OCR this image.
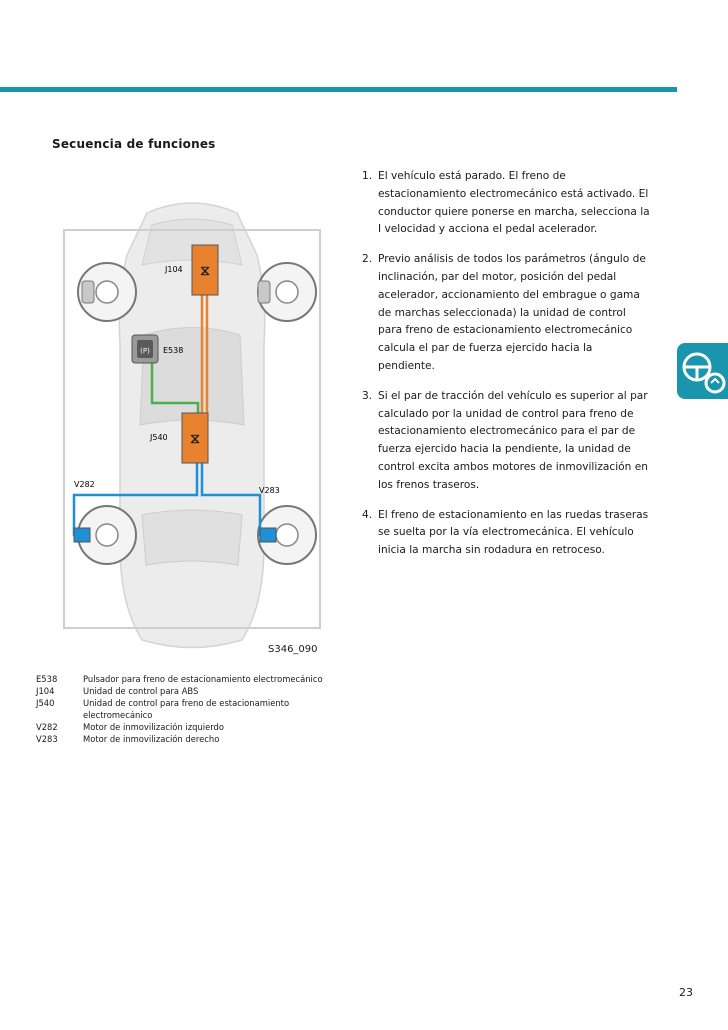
Secuencia de funciones
1. El vehículo está parado. El freno de estacionamiento electromecánico está activado. El conductor quiere ponerse en marcha, selecciona la I velocidad y acciona el pedal acelerador.
2. Previo análisis de todos los parámetros (ángulo de inclinación, par del motor, posición del pedal acelerador, accionamiento del embrague o gama de marchas seleccionada) la unidad de control para freno de estacionamiento electromecánico calcula el par de fuerza ejercido hacia la pendiente.
3. Si el par de tracción del vehículo es superior al par calculado por la unidad de control para freno de estacionamiento electromecánico para el par de fuerza ejercido hacia la pendiente, la unidad de control excita ambos motores de inmovilización en los frenos traseros.
4. El freno de estacionamiento en las ruedas traseras se suelta por la vía electromecánica. El vehículo inicia la marcha sin rodadura en retroceso.
⧖
⧖
(P)
J104
E538
J540
V282
V283
S346_090
E538	Pulsador para freno de estacionamiento electromecánico
J104	Unidad de control para ABS
J540	Unidad de control para freno de estacionamiento electromecánico
V282	Motor de inmovilización izquierdo
V283	Motor de inmovilización derecho
23
